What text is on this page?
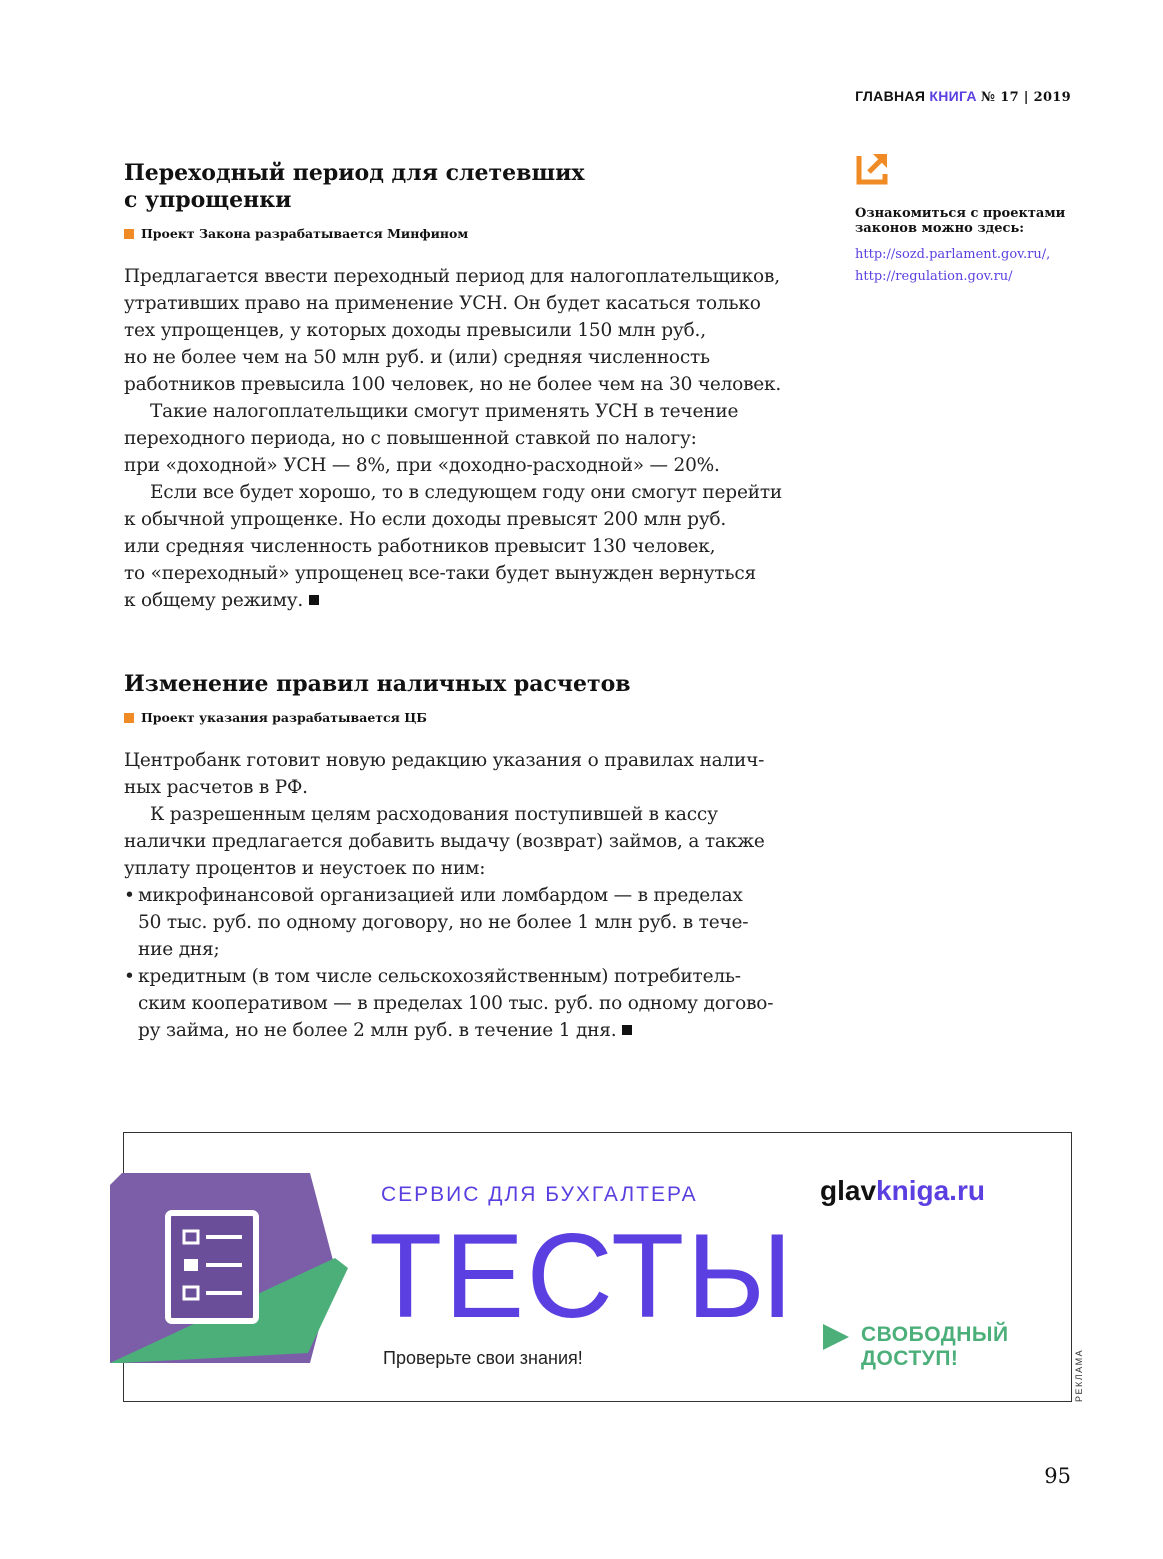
ГЛАВНАЯ КНИГА № 17 | 2019
Переходный период для слетевших
с упрощенки
Проект Закона разрабатывается Минфином
Предлагается ввести переходный период для налогоплательщиков,
утративших право на применение УСН. Он будет касаться только
тех упрощенцев, у которых доходы превысили 150 млн руб.,
но не более чем на 50 млн руб. и (или) средняя численность
работников превысила 100 человек, но не более чем на 30 человек.
Такие налогоплательщики смогут применять УСН в течение
переходного периода, но с повышенной ставкой по налогу:
при «доходной» УСН — 8%, при «доходно-расходной» — 20%.
Если все будет хорошо, то в следующем году они смогут перейти
к обычной упрощенке. Но если доходы превысят 200 млн руб.
или средняя численность работников превысит 130 человек,
то «переходный» упрощенец все-таки будет вынужден вернуться
к общему режиму.
Изменение правил наличных расчетов
Проект указания разрабатывается ЦБ
Центробанк готовит новую редакцию указания о правилах налич-
ных расчетов в РФ.
К разрешенным целям расходования поступившей в кассу
налички предлагается добавить выдачу (возврат) займов, а также
уплату процентов и неустоек по ним:
• микрофинансовой организацией или ломбардом — в пределах
50 тыс. руб. по одному договору, но не более 1 млн руб. в тече-
ние дня;
• кредитным (в том числе сельскохозяйственным) потребитель-
ским кооперативом — в пределах 100 тыс. руб. по одному догово-
ру займа, но не более 2 млн руб. в течение 1 дня.
Ознакомиться с проектами законов можно здесь:
http://sozd.parlament.gov.ru/,
http://regulation.gov.ru/
СЕРВИС ДЛЯ БУХГАЛТЕРА
ТЕСТЫ
Проверьте свои знания!
glavkniga.ru
СВОБОДНЫЙ
ДОСТУП!	РЕКЛАМА
95
